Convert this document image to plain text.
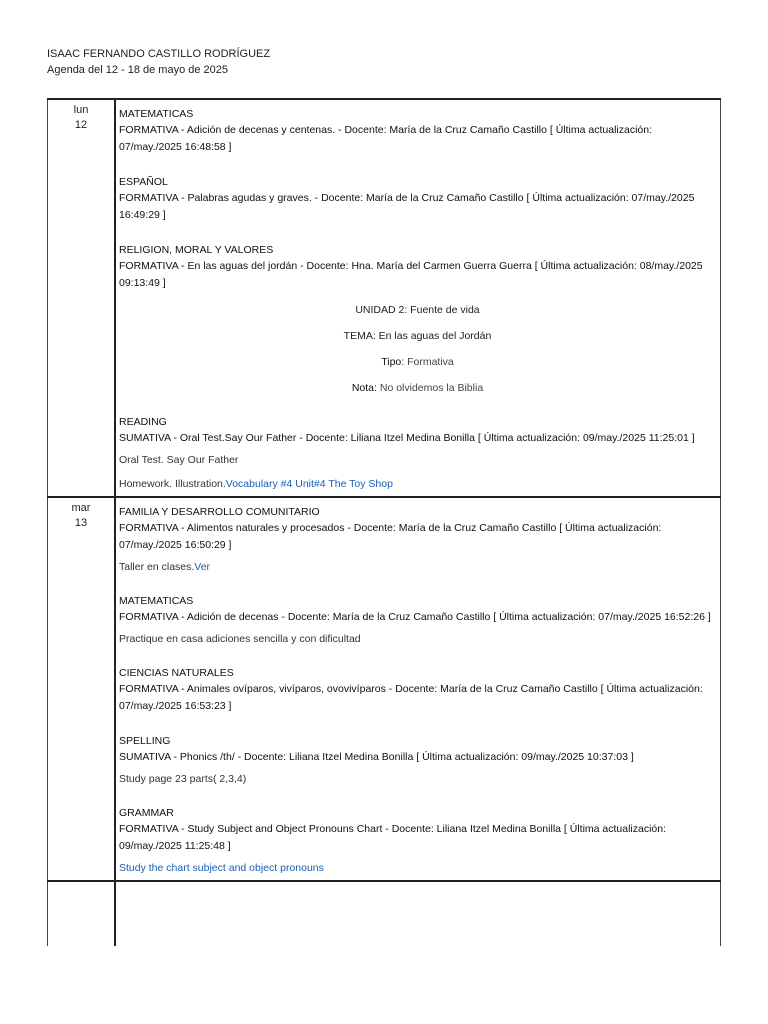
ISAAC FERNANDO CASTILLO RODRÍGUEZ
Agenda del 12 - 18 de mayo de 2025
lun
12
MATEMATICAS
FORMATIVA - Adición de decenas y centenas. - Docente: María de la Cruz Camaño Castillo [ Última actualización: 07/may./2025 16:48:58 ]
ESPAÑOL
FORMATIVA - Palabras agudas y graves. - Docente: María de la Cruz Camaño Castillo [ Última actualización: 07/may./2025 16:49:29 ]
RELIGION, MORAL Y VALORES
FORMATIVA - En las aguas del jordán - Docente: Hna. María del Carmen Guerra Guerra [ Última actualización: 08/may./2025 09:13:49 ]
UNIDAD 2: Fuente de vida
TEMA: En las aguas del Jordán
Tipo: Formativa
Nota: No olvidemos la Biblia
READING
SUMATIVA - Oral Test.Say Our Father - Docente: Liliana Itzel Medina Bonilla [ Última actualización: 09/may./2025 11:25:01 ]
Oral Test. Say Our Father
Homework. Illustration.Vocabulary #4 Unit#4 The Toy Shop
mar
13
FAMILIA Y DESARROLLO COMUNITARIO
FORMATIVA - Alimentos naturales y procesados - Docente: María de la Cruz Camaño Castillo [ Última actualización: 07/may./2025 16:50:29 ]
Taller en clases.Ver
MATEMATICAS
FORMATIVA - Adición de decenas - Docente: María de la Cruz Camaño Castillo [ Última actualización: 07/may./2025 16:52:26 ]
Practique en casa adiciones sencilla y con dificultad
CIENCIAS NATURALES
FORMATIVA - Animales ovíparos, vivíparos, ovovivíparos - Docente: María de la Cruz Camaño Castillo [ Última actualización: 07/may./2025 16:53:23 ]
SPELLING
SUMATIVA - Phonics /th/ - Docente: Liliana Itzel Medina Bonilla [ Última actualización: 09/may./2025 10:37:03 ]
Study page 23 parts( 2,3,4)
GRAMMAR
FORMATIVA - Study Subject and Object Pronouns Chart - Docente: Liliana Itzel Medina Bonilla [ Última actualización: 09/may./2025 11:25:48 ]
Study the chart subject and object pronouns
